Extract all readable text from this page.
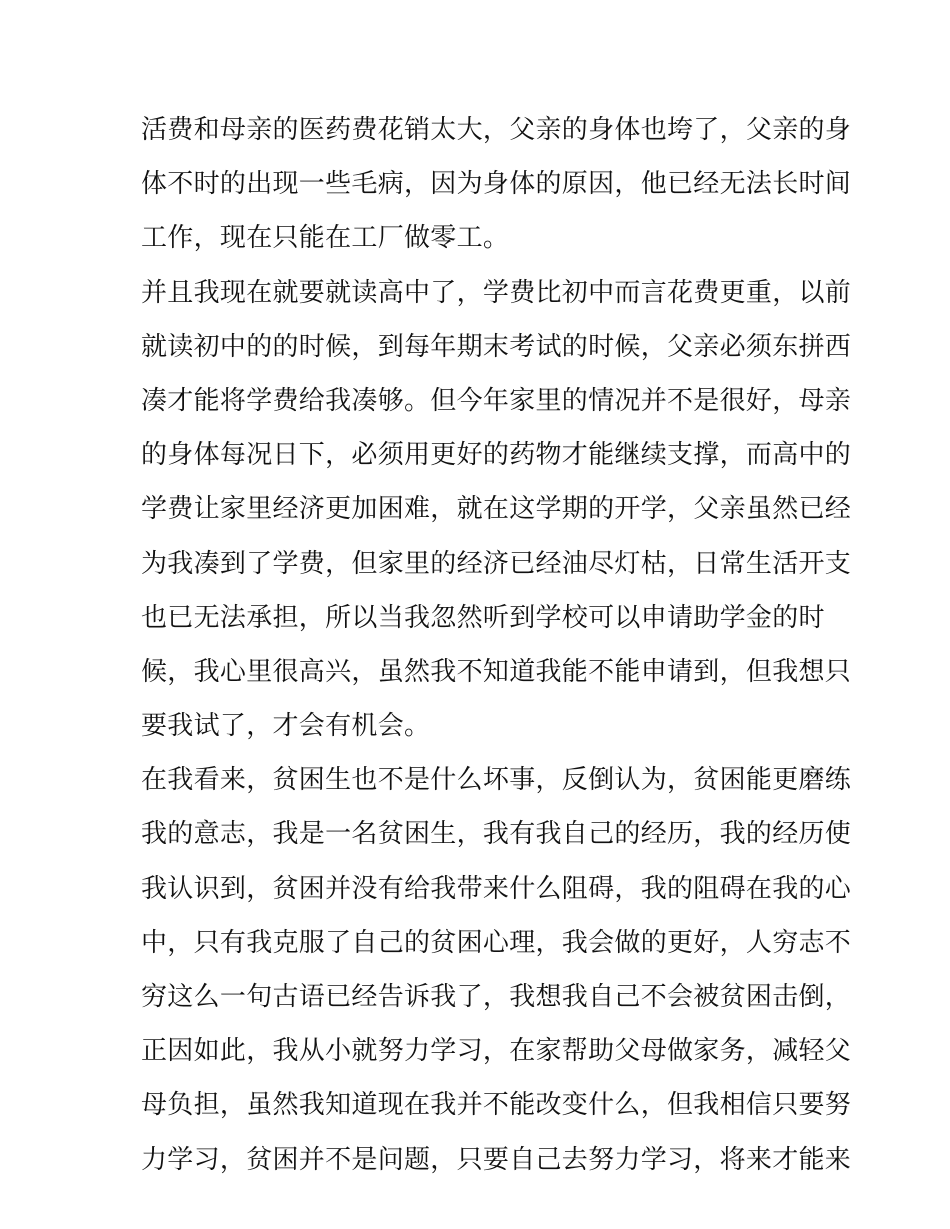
活费和母亲的医药费花销太大，父亲的身体也垮了，父亲的身
体不时的出现一些毛病，因为身体的原因，他已经无法长时间
工作，现在只能在工厂做零工。
并且我现在就要就读高中了，学费比初中而言花费更重，以前
就读初中的的时候，到每年期末考试的时候，父亲必须东拼西
凑才能将学费给我凑够。但今年家里的情况并不是很好，母亲
的身体每况日下，必须用更好的药物才能继续支撑，而高中的
学费让家里经济更加困难，就在这学期的开学，父亲虽然已经
为我凑到了学费，但家里的经济已经油尽灯枯，日常生活开支
也已无法承担，所以当我忽然听到学校可以申请助学金的时
候，我心里很高兴，虽然我不知道我能不能申请到，但我想只
要我试了，才会有机会。
在我看来，贫困生也不是什么坏事，反倒认为，贫困能更磨练
我的意志，我是一名贫困生，我有我自己的经历，我的经历使
我认识到，贫困并没有给我带来什么阻碍，我的阻碍在我的心
中，只有我克服了自己的贫困心理，我会做的更好，人穷志不
穷这么一句古语已经告诉我了，我想我自己不会被贫困击倒，
正因如此，我从小就努力学习，在家帮助父母做家务，减轻父
母负担，虽然我知道现在我并不能改变什么，但我相信只要努
力学习，贫困并不是问题，只要自己去努力学习，将来才能来
